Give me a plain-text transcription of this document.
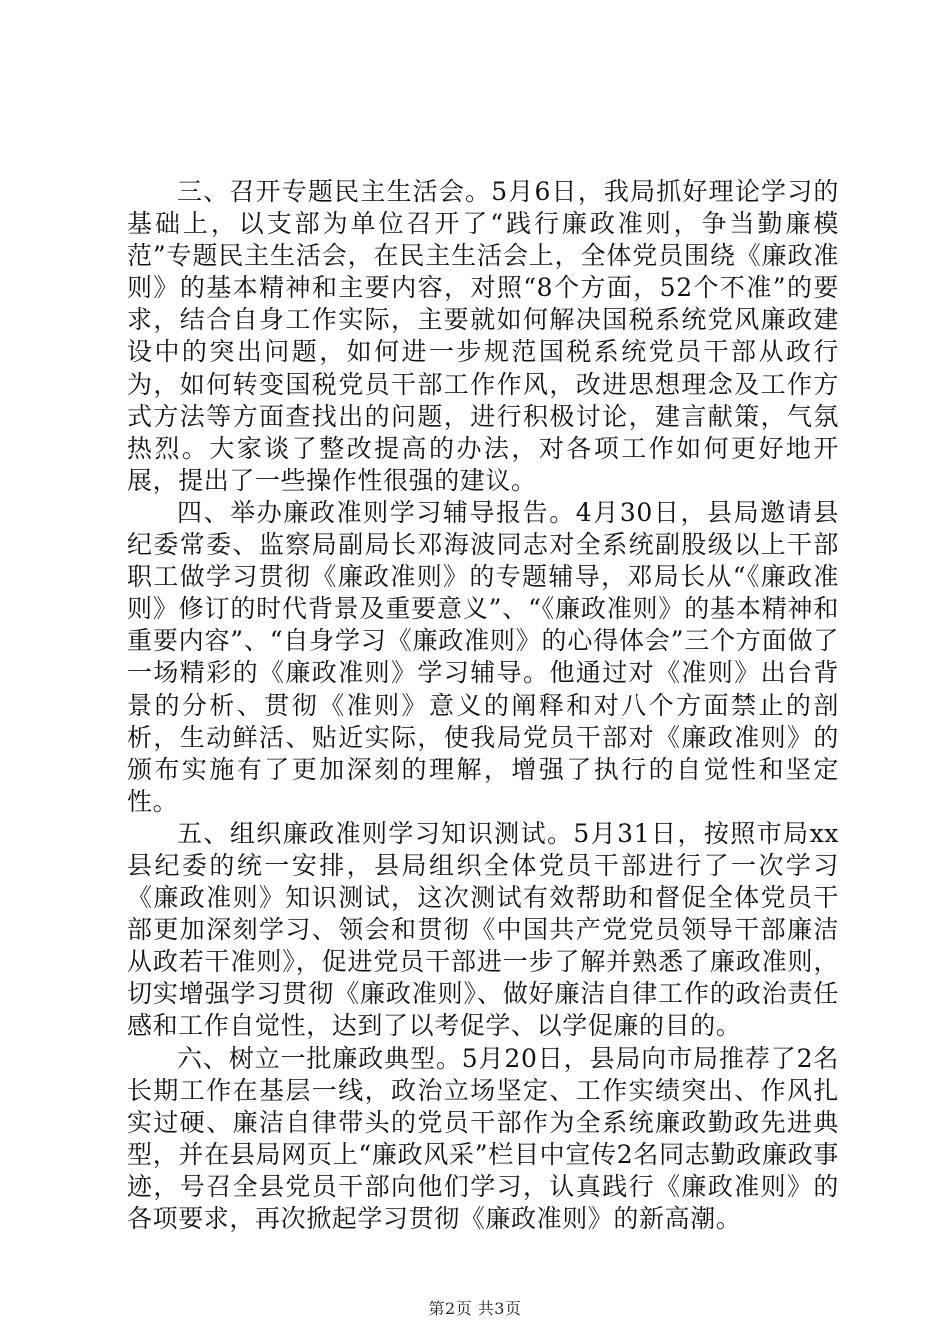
三、召开专题民主生活会。5月6日，我局抓好理论学习的基础上，以支部为单位召开了“践行廉政准则，争当勤廉模范”专题民主生活会，在民主生活会上，全体党员围绕《廉政准则》的基本精神和主要内容，对照“8个方面，52个不准”的要求，结合自身工作实际，主要就如何解决国税系统党风廉政建设中的突出问题，如何进一步规范国税系统党员干部从政行为，如何转变国税党员干部工作作风，改进思想理念及工作方式方法等方面查找出的问题，进行积极讨论，建言献策，气氛热烈。大家谈了整改提高的办法，对各项工作如何更好地开展，提出了一些操作性很强的建议。

四、举办廉政准则学习辅导报告。4月30日，县局邀请县纪委常委、监察局副局长邓海波同志对全系统副股级以上干部职工做学习贯彻《廉政准则》的专题辅导，邓局长从“《廉政准则》修订的时代背景及重要意义”、“《廉政准则》的基本精神和重要内容”、“自身学习《廉政准则》的心得体会”三个方面做了一场精彩的《廉政准则》学习辅导。他通过对《准则》出台背景的分析、贯彻《准则》意义的阐释和对八个方面禁止的剖析，生动鲜活、贴近实际，使我局党员干部对《廉政准则》的颁布实施有了更加深刻的理解，增强了执行的自觉性和坚定性。

五、组织廉政准则学习知识测试。5月31日，按照市局xx县纪委的统一安排，县局组织全体党员干部进行了一次学习《廉政准则》知识测试，这次测试有效帮助和督促全体党员干部更加深刻学习、领会和贯彻《中国共产党党员领导干部廉洁从政若干准则》，促进党员干部进一步了解并熟悉了廉政准则，切实增强学习贯彻《廉政准则》、做好廉洁自律工作的政治责任感和工作自觉性，达到了以考促学、以学促廉的目的。

六、树立一批廉政典型。5月20日，县局向市局推荐了2名长期工作在基层一线，政治立场坚定、工作实绩突出、作风扎实过硬、廉洁自律带头的党员干部作为全系统廉政勤政先进典型，并在县局网页上“廉政风采”栏目中宣传2名同志勤政廉政事迹，号召全县党员干部向他们学习，认真践行《廉政准则》的各项要求，再次掀起学习贯彻《廉政准则》的新高潮。

第2页 共3页
